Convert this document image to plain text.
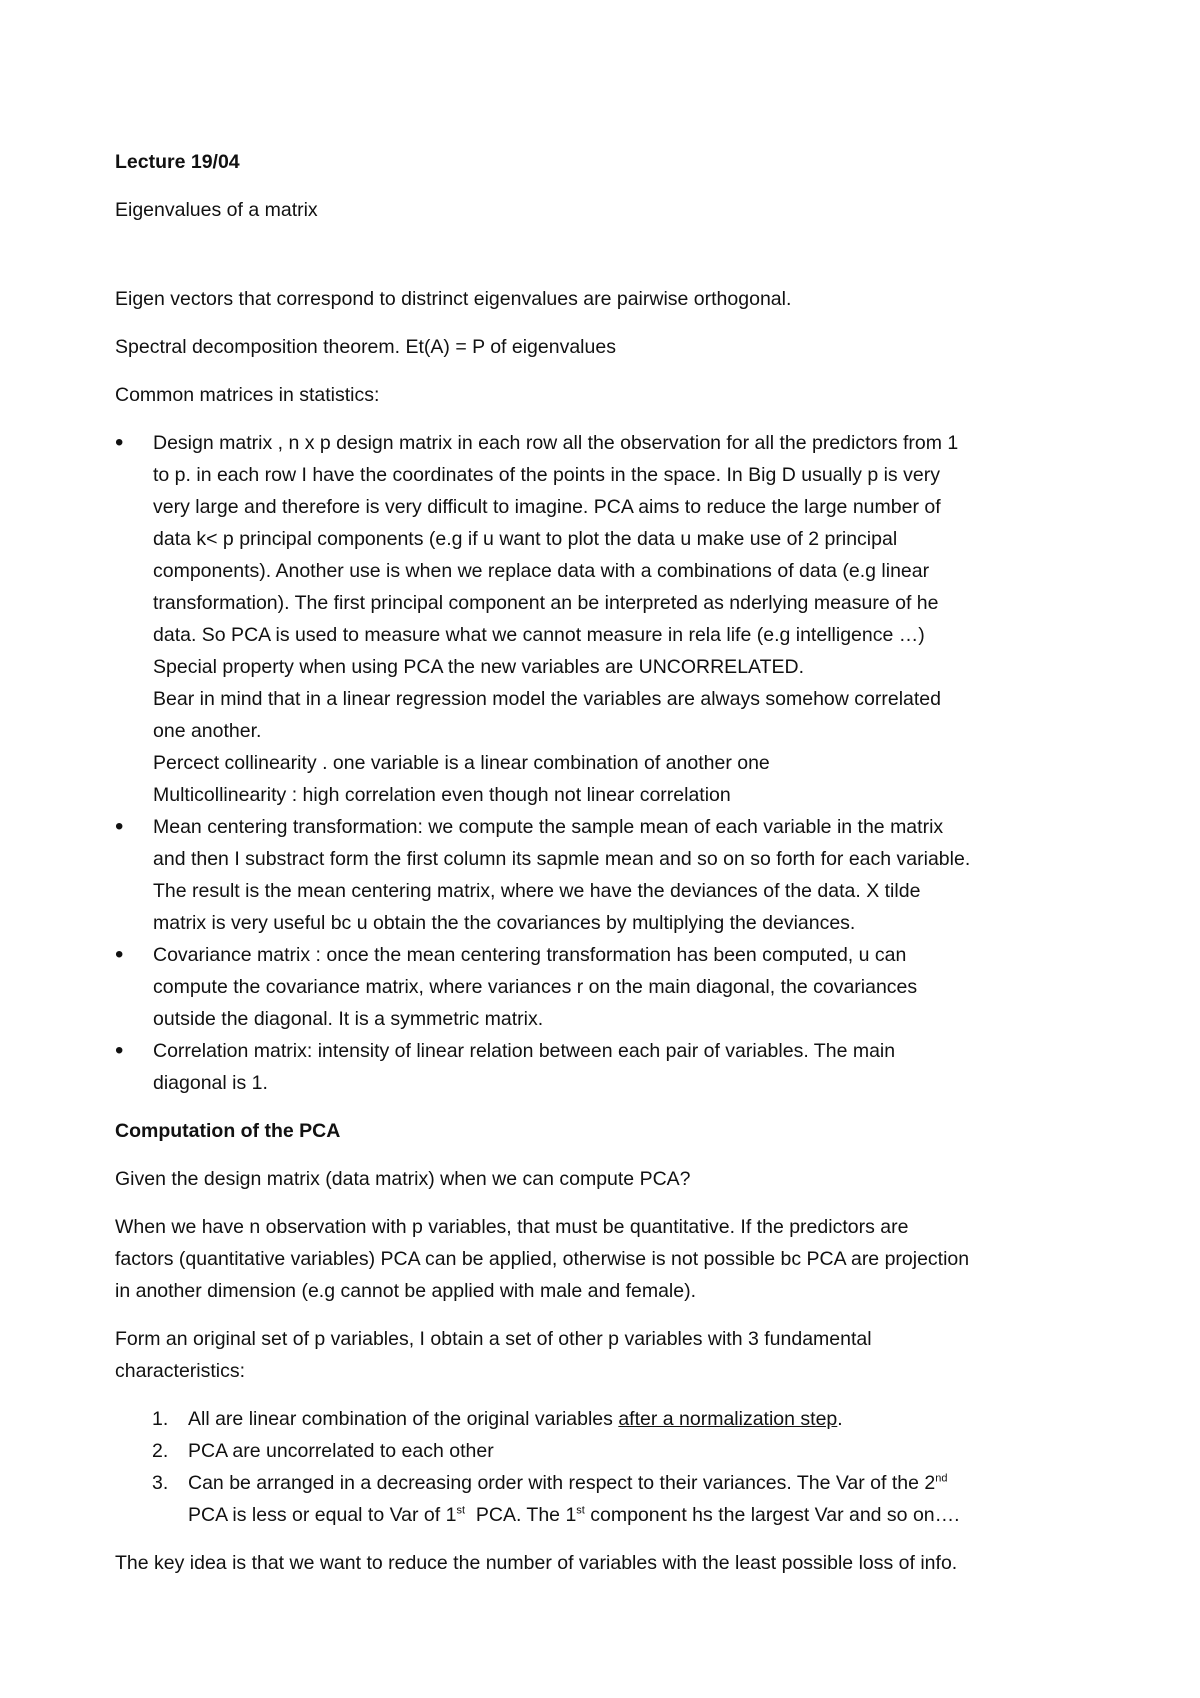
Lecture 19/04
Eigenvalues of a matrix
Eigen vectors that correspond to distrinct eigenvalues are pairwise orthogonal.
Spectral decomposition theorem. Et(A) = P of eigenvalues
Common matrices in statistics:
• Design matrix , n x p design matrix in each row all the observation for all the predictors from 1
to p. in each row I have the coordinates of the points in the space. In Big D usually p is very
very large and therefore is very difficult to imagine. PCA aims to reduce the large number of
data k< p principal components (e.g if u want to plot the data u make use of 2 principal
components). Another use is when we replace data with a combinations of data (e.g linear
transformation). The first principal component an be interpreted as nderlying measure of he
data. So PCA is used to measure what we cannot measure in rela life (e.g intelligence …)
Special property when using PCA the new variables are UNCORRELATED.
Bear in mind that in a linear regression model the variables are always somehow correlated
one another.
Percect collinearity . one variable is a linear combination of another one
Multicollinearity : high correlation even though not linear correlation
• Mean centering transformation: we compute the sample mean of each variable in the matrix
and then I substract form the first column its sapmle mean and so on so forth for each variable.
The result is the mean centering matrix, where we have the deviances of the data. X tilde
matrix is very useful bc u obtain the the covariances by multiplying the deviances.
• Covariance matrix : once the mean centering transformation has been computed, u can
compute the covariance matrix, where variances r on the main diagonal, the covariances
outside the diagonal. It is a symmetric matrix.
• Correlation matrix: intensity of linear relation between each pair of variables. The main
diagonal is 1.
Computation of the PCA
Given the design matrix (data matrix) when we can compute PCA?
When we have n observation with p variables, that must be quantitative. If the predictors are
factors (quantitative variables) PCA can be applied, otherwise is not possible bc PCA are projection
in another dimension (e.g cannot be applied with male and female).
Form an original set of p variables, I obtain a set of other p variables with 3 fundamental
characteristics:
1. All are linear combination of the original variables after a normalization step.
2. PCA are uncorrelated to each other
3. Can be arranged in a decreasing order with respect to their variances. The Var of the 2nd
PCA is less or equal to Var of 1st  PCA. The 1st component hs the largest Var and so on….
The key idea is that we want to reduce the number of variables with the least possible loss of info.
